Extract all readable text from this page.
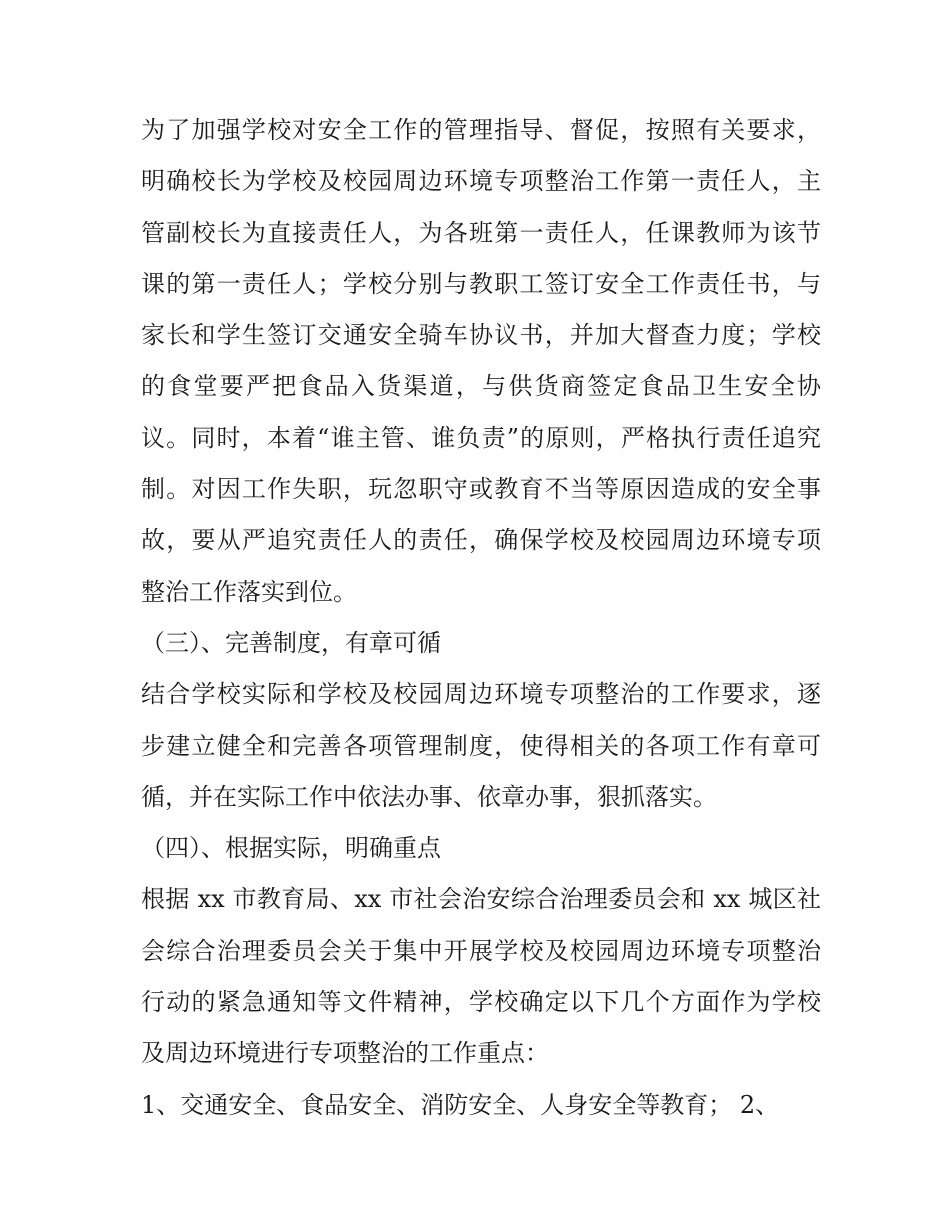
为了加强学校对安全工作的管理指导、督促，按照有关要求，
明确校长为学校及校园周边环境专项整治工作第一责任人，主
管副校长为直接责任人，为各班第一责任人，任课教师为该节
课的第一责任人；学校分别与教职工签订安全工作责任书，与
家长和学生签订交通安全骑车协议书，并加大督查力度；学校
的食堂要严把食品入货渠道，与供货商签定食品卫生安全协
议。同时，本着“谁主管、谁负责”的原则，严格执行责任追究
制。对因工作失职，玩忽职守或教育不当等原因造成的安全事
故，要从严追究责任人的责任，确保学校及校园周边环境专项
整治工作落实到位。
（三）、完善制度，有章可循
结合学校实际和学校及校园周边环境专项整治的工作要求，逐
步建立健全和完善各项管理制度，使得相关的各项工作有章可
循，并在实际工作中依法办事、依章办事，狠抓落实。
（四）、根据实际，明确重点
根据 xx 市教育局、xx 市社会治安综合治理委员会和 xx 城区社
会综合治理委员会关于集中开展学校及校园周边环境专项整治
行动的紧急通知等文件精神，学校确定以下几个方面作为学校
及周边环境进行专项整治的工作重点：
1、交通安全、食品安全、消防安全、人身安全等教育； 2、
